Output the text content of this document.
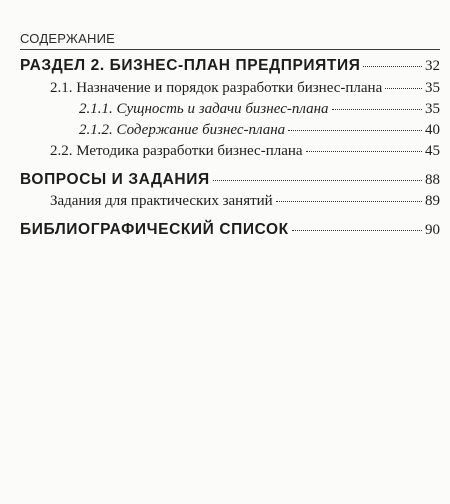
СОДЕРЖАНИЕ
РАЗДЕЛ 2. БИЗНЕС-ПЛАН ПРЕДПРИЯТИЯ	32
2.1. Назначение и порядок разработки бизнес-плана	35
2.1.1. Сущность и задачи бизнес-плана	35
2.1.2. Содержание бизнес-плана	40
2.2. Методика разработки бизнес-плана	45
ВОПРОСЫ И ЗАДАНИЯ	88
Задания для практических занятий	89
БИБЛИОГРАФИЧЕСКИЙ СПИСОК	90
